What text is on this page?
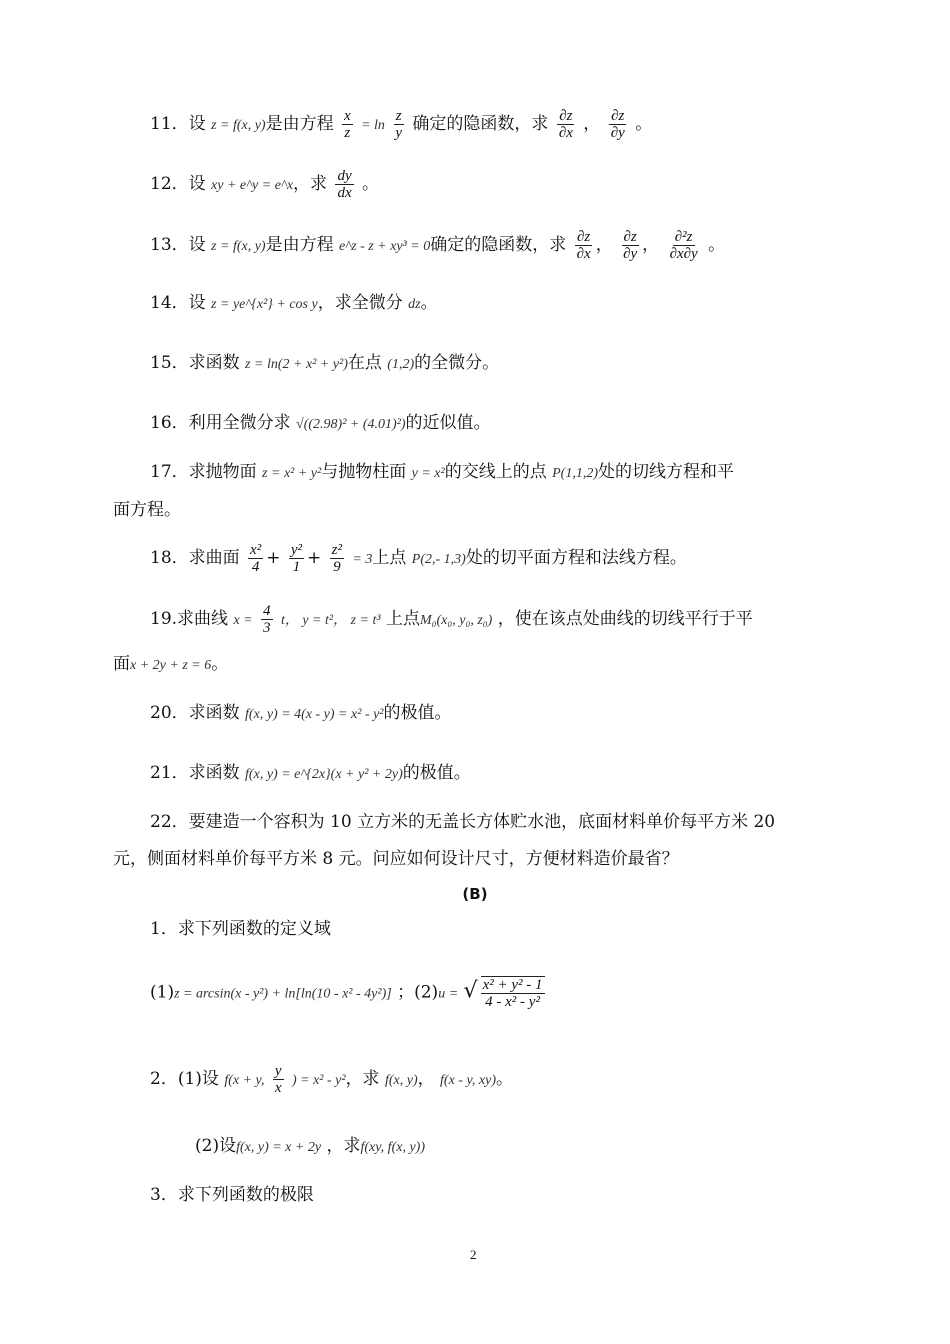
11．设 z = f(x, y)是由方程 $\frac{x}{z} = \ln \frac{z}{y}$ 确定的隐函数，求 $\frac{\partial z}{\partial x}$ ， $\frac{\partial z}{\partial y}$ 。
12．设 xy + e^y = e^x，求 $\frac{dy}{dx}$ 。
13．设 z = f(x, y)是由方程 e^z - z + xy³ = 0确定的隐函数，求 $\frac{\partial z}{\partial x}$ ， $\frac{\partial z}{\partial y}$ ， $\frac{\text{∂²z}}{\partial x\partial y}$ 。
14．设 z = ye^{x²} + cos y，求全微分 dz。
15．求函数 z = ln(2 + x² + y²)在点 (1,2)的全微分。
16．利用全微分求 √((2.98)² + (4.01)²)的近似值。
17．求抛物面 z = x² + y²与抛物柱面 y = x²的交线上的点 P(1,1,2)处的切线方程和平
面方程。
18．求曲面 $\frac{\text{x²}}{4} + \frac{\text{y²}}{1} + \frac{\text{z²}}{9} = 3$上点 P(2,- 1,3)处的切平面方程和法线方程。
19.求曲线 $x = \frac{4}{3}$ t， y = t²， z = t³ 上点M₀(x₀, y₀, z₀) ，使在该点处曲线的切线平行于平
面x + 2y + z = 6。
20．求函数 f(x, y) = 4(x - y) = x² - y²的极值。
21．求函数 f(x, y) = e^{2x}(x + y² + 2y)的极值。
22．要建造一个容积为 10 立方米的无盖长方体贮水池，底面材料单价每平方米 20
元，侧面材料单价每平方米 8 元。问应如何设计尺寸，方便材料造价最省？
(B)
1．求下列函数的定义域
(1)z = arcsin(x - y²) + ln[ln(10 - x² - 4y²)] ；(2)u = √ $\frac{\text{x² + y² - 1}}{\text{4 - x² - y²}}$
2．(1)设 f(x + y, $\frac{y}{x}$ ) = x² - y²，求 f(x, y)， f(x - y, xy)。
(2)设f(x, y) = x + 2y ，求f(xy, f(x, y))
3．求下列函数的极限
2
